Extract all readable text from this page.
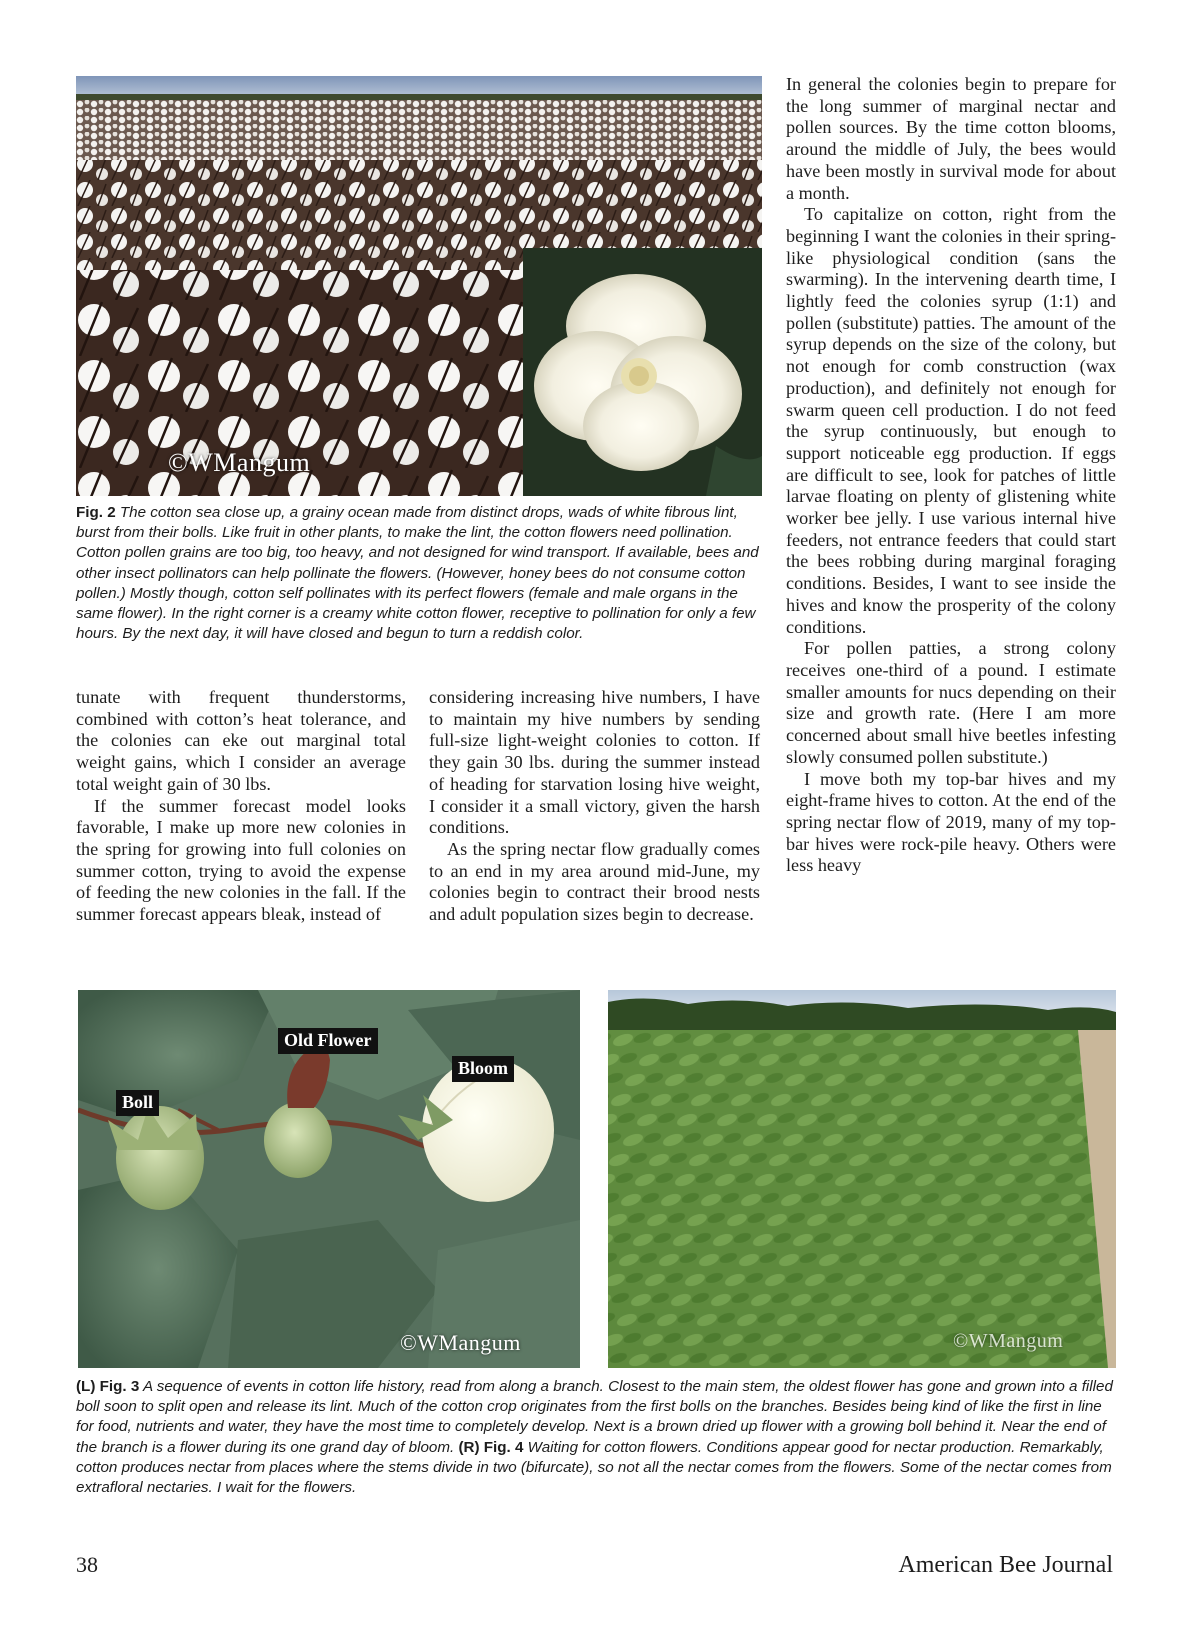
©WMangum
Fig. 2 The cotton sea close up, a grainy ocean made from distinct drops, wads of white fibrous lint, burst from their bolls. Like fruit in other plants, to make the lint, the cotton flowers need pollination. Cotton pollen grains are too big, too heavy, and not designed for wind transport. If available, bees and other insect pollinators can help pollinate the flowers. (However, honey bees do not consume cotton pollen.) Mostly though, cotton self pollinates with its perfect flowers (female and male organs in the same flower). In the right corner is a creamy white cotton flower, receptive to pollination for only a few hours. By the next day, it will have closed and begun to turn a reddish color.

tunate with frequent thunderstorms, combined with cotton’s heat tolerance, and the colonies can eke out marginal total weight gains, which I consider an average total weight gain of 30 lbs.

If the summer forecast model looks favorable, I make up more new colonies in the spring for growing into full colonies on summer cotton, trying to avoid the expense of feeding the new colonies in the fall. If the summer forecast appears bleak, instead of

considering increasing hive numbers, I have to maintain my hive numbers by sending full-size light-weight colonies to cotton. If they gain 30 lbs. during the summer instead of heading for starvation losing hive weight, I consider it a small victory, given the harsh conditions.

As the spring nectar flow gradually comes to an end in my area around mid-June, my colonies begin to contract their brood nests and adult population sizes begin to decrease.

In general the colonies begin to prepare for the long summer of marginal nectar and pollen sources. By the time cotton blooms, around the middle of July, the bees would have been mostly in survival mode for about a month.

To capitalize on cotton, right from the beginning I want the colonies in their spring-like physiological condition (sans the swarming). In the intervening dearth time, I lightly feed the colonies syrup (1:1) and pollen (substitute) patties. The amount of the syrup depends on the size of the colony, but not enough for comb construction (wax production), and definitely not enough for swarm queen cell production. I do not feed the syrup continuously, but enough to support noticeable egg production. If eggs are difficult to see, look for patches of little larvae floating on plenty of glistening white worker bee jelly. I use various internal hive feeders, not entrance feeders that could start the bees robbing during marginal foraging conditions. Besides, I want to see inside the hives and know the prosperity of the colony conditions.

For pollen patties, a strong colony receives one-third of a pound. I estimate smaller amounts for nucs depending on their size and growth rate. (Here I am more concerned about small hive beetles infesting slowly consumed pollen substitute.)

I move both my top-bar hives and my eight-frame hives to cotton. At the end of the spring nectar flow of 2019, many of my top-bar hives were rock-pile heavy. Others were less heavy

Old Flower
Bloom
Boll
©WMangum	©WMangum
(L) Fig. 3 A sequence of events in cotton life history, read from along a branch. Closest to the main stem, the oldest flower has gone and grown into a filled boll soon to split open and release its lint. Much of the cotton crop originates from the first bolls on the branches. Besides being kind of like the first in line for food, nutrients and water, they have the most time to completely develop. Next is a brown dried up flower with a growing boll behind it. Near the end of the branch is a flower during its one grand day of bloom. (R) Fig. 4 Waiting for cotton flowers. Conditions appear good for nectar production. Remarkably, cotton produces nectar from places where the stems divide in two (bifurcate), so not all the nectar comes from the flowers. Some of the nectar comes from extrafloral nectaries. I wait for the flowers.
38	American Bee Journal
